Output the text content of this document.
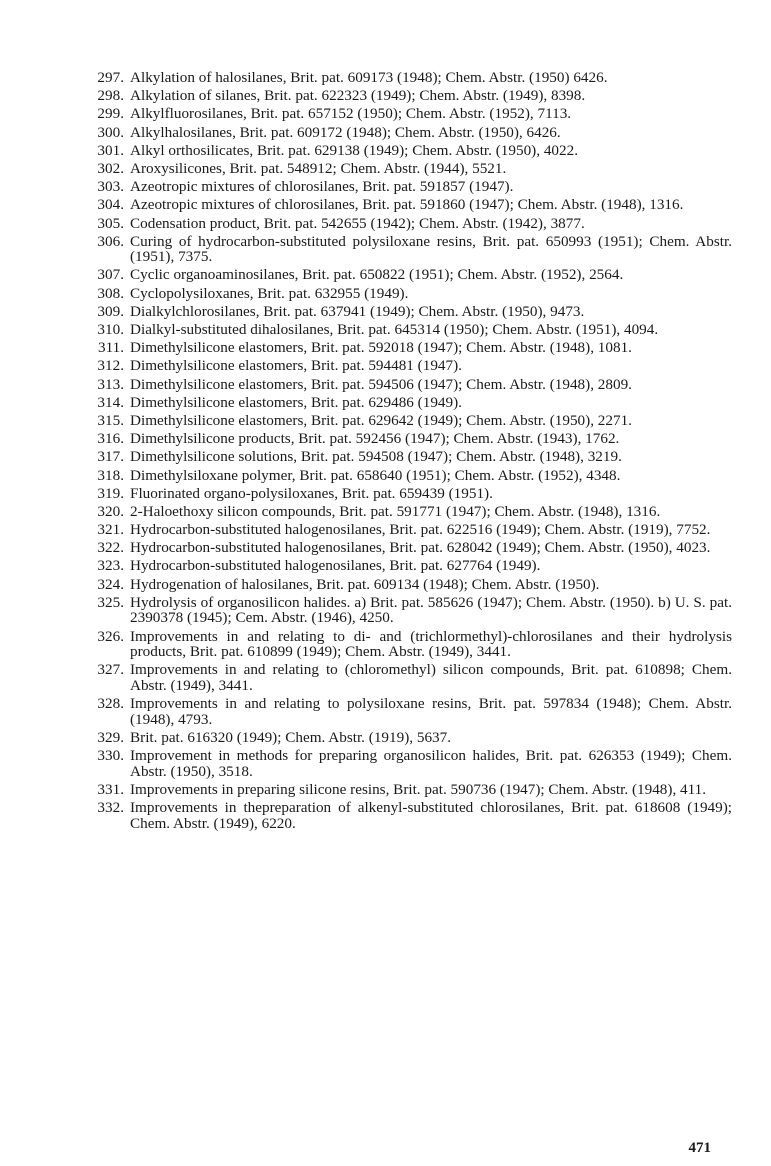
297. Alkylation of halosilanes, Brit. pat. 609173 (1948); Chem. Abstr. (1950) 6426.
298. Alkylation of silanes, Brit. pat. 622323 (1949); Chem. Abstr. (1949), 8398.
299. Alkylfluorosilanes, Brit. pat. 657152 (1950); Chem. Abstr. (1952), 7113.
300. Alkylhalosilanes, Brit. pat. 609172 (1948); Chem. Abstr. (1950), 6426.
301. Alkyl orthosilicates, Brit. pat. 629138 (1949); Chem. Abstr. (1950), 4022.
302. Aroxysilicones, Brit. pat. 548912; Chem. Abstr. (1944), 5521.
303. Azeotropic mixtures of chlorosilanes, Brit. pat. 591857 (1947).
304. Azeotropic mixtures of chlorosilanes, Brit. pat. 591860 (1947); Chem. Abstr. (1948), 1316.
305. Codensation product, Brit. pat. 542655 (1942); Chem. Abstr. (1942), 3877.
306. Curing of hydrocarbon-substituted polysiloxane resins, Brit. pat. 650993 (1951); Chem. Abstr. (1951), 7375.
307. Cyclic organoaminosilanes, Brit. pat. 650822 (1951); Chem. Abstr. (1952), 2564.
308. Cyclopolysiloxanes, Brit. pat. 632955 (1949).
309. Dialkylchlorosilanes, Brit. pat. 637941 (1949); Chem. Abstr. (1950), 9473.
310. Dialkyl-substituted dihalosilanes, Brit. pat. 645314 (1950); Chem. Abstr. (1951), 4094.
311. Dimethylsilicone elastomers, Brit. pat. 592018 (1947); Chem. Abstr. (1948), 1081.
312. Dimethylsilicone elastomers, Brit. pat. 594481 (1947).
313. Dimethylsilicone elastomers, Brit. pat. 594506 (1947); Chem. Abstr. (1948), 2809.
314. Dimethylsilicone elastomers, Brit. pat. 629486 (1949).
315. Dimethylsilicone elastomers, Brit. pat. 629642 (1949); Chem. Abstr. (1950), 2271.
316. Dimethylsilicone products, Brit. pat. 592456 (1947); Chem. Abstr. (1943), 1762.
317. Dimethylsilicone solutions, Brit. pat. 594508 (1947); Chem. Abstr. (1948), 3219.
318. Dimethylsiloxane polymer, Brit. pat. 658640 (1951); Chem. Abstr. (1952), 4348.
319. Fluorinated organo-polysiloxanes, Brit. pat. 659439 (1951).
320. 2-Haloethoxy silicon compounds, Brit. pat. 591771 (1947); Chem. Abstr. (1948), 1316.
321. Hydrocarbon-substituted halogenosilanes, Brit. pat. 622516 (1949); Chem. Abstr. (1919), 7752.
322. Hydrocarbon-substituted halogenosilanes, Brit. pat. 628042 (1949); Chem. Abstr. (1950), 4023.
323. Hydrocarbon-substituted halogenosilanes, Brit. pat. 627764 (1949).
324. Hydrogenation of halosilanes, Brit. pat. 609134 (1948); Chem. Abstr. (1950).
325. Hydrolysis of organosilicon halides. a) Brit. pat. 585626 (1947); Chem. Abstr. (1950). b) U. S. pat. 2390378 (1945); Cem. Abstr. (1946), 4250.
326. Improvements in and relating to di- and (trichlormethyl)-chlorosilanes and their hydrolysis products, Brit. pat. 610899 (1949); Chem. Abstr. (1949), 3441.
327. Improvements in and relating to (chloromethyl) silicon compounds, Brit. pat. 610898; Chem. Abstr. (1949), 3441.
328. Improvements in and relating to polysiloxane resins, Brit. pat. 597834 (1948); Chem. Abstr. (1948), 4793.
329. Brit. pat. 616320 (1949); Chem. Abstr. (1919), 5637.
330. Improvement in methods for preparing organosilicon halides, Brit. pat. 626353 (1949); Chem. Abstr. (1950), 3518.
331. Improvements in preparing silicone resins, Brit. pat. 590736 (1947); Chem. Abstr. (1948), 411.
332. Improvements in thepreparation of alkenyl-substituted chlorosilanes, Brit. pat. 618608 (1949); Chem. Abstr. (1949), 6220.
471
